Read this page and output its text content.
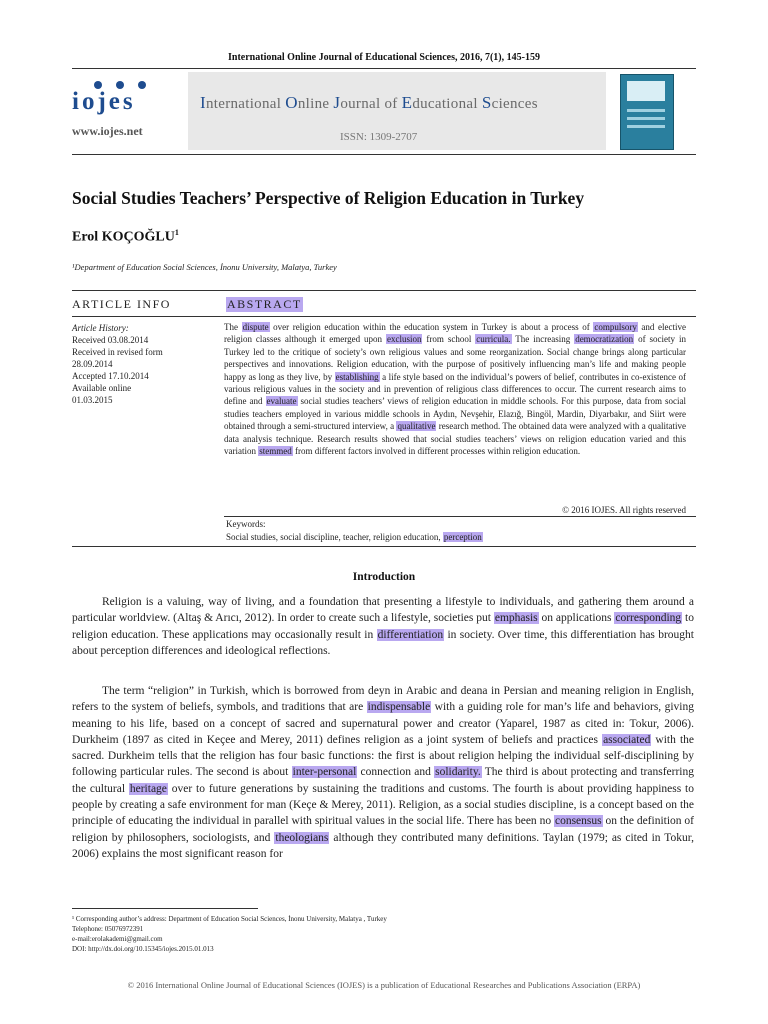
International Online Journal of Educational Sciences, 2016, 7(1), 145-159
iojes
www.iojes.net
International Online Journal of Educational Sciences
ISSN: 1309-2707
Social Studies Teachers’ Perspective of Religion Education in Turkey
Erol KOÇOĞLU$^1$
¹Department of Education Social Sciences, İnonu University, Malatya, Turkey
ARTICLE INFO	ABSTRACT
Article History:
Received 03.08.2014
Received in revised form
28.09.2014
Accepted 17.10.2014
Available online
01.03.2015
The dispute over religion education within the education system in Turkey is about a process of compulsory and elective religion classes although it emerged upon exclusion from school curricula. The increasing democratization of society in Turkey led to the critique of society’s own religious values and some reorganization. Social change brings along particular perspectives and innovations. Religion education, with the purpose of positively influencing man’s life and making people happy as long as they live, by establishing a life style based on the individual’s powers of belief, contributes in co-existence of various religious values in the society and in prevention of religious class differences to occur. The current research aims to define and evaluate social studies teachers’ views of religion education in middle schools. For this purpose, data from social studies teachers employed in various middle schools in Aydın, Nevşehir, Elazığ, Bingöl, Mardin, Diyarbakır, and Siirt were obtained through a semi-structured interview, a qualitative research method. The obtained data were analyzed with a qualitative data analysis technique. Research results showed that social studies teachers’ views on religion education varied and this variation stemmed from different factors involved in different processes within religion education.
© 2016 IOJES. All rights reserved
Keywords:
Social studies, social discipline, teacher, religion education, perception
Introduction

Religion is a valuing, way of living, and a foundation that presenting a lifestyle to individuals, and gathering them around a particular worldview. (Altaş & Arıcı, 2012). In order to create such a lifestyle, societies put emphasis on applications corresponding to religion education. These applications may occasionally result in differentiation in society. Over time, this differentiation has brought about perception differences and ideological reflections.

The term “religion” in Turkish, which is borrowed from deyn in Arabic and deana in Persian and meaning religion in English, refers to the system of beliefs, symbols, and traditions that are indispensable with a guiding role for man’s life and behaviors, giving meaning to his life, based on a concept of sacred and supernatural power and creator (Yaparel, 1987 as cited in: Tokur, 2006). Durkheim (1897 as cited in Keçee and Merey, 2011) defines religion as a joint system of beliefs and practices associated with the sacred. Durkheim tells that the religion has four basic functions: the first is about religion helping the individual self-disciplining by following particular rules. The second is about inter-personal connection and solidarity. The third is about protecting and transferring the cultural heritage over to future generations by sustaining the traditions and customs. The fourth is about providing happiness to people by creating a safe environment for man (Keçe & Merey, 2011). Religion, as a social studies discipline, is a concept based on the principle of educating the individual in parallel with spiritual values in the social life. There has been no consensus on the definition of religion by philosophers, sociologists, and theologians although they contributed many definitions. Taylan (1979; as cited in Tokur, 2006) explains the most significant reason for

¹ Corresponding author’s address: Department of Education Social Sciences, İnonu University, Malatya , Turkey
Telephone: 05076972391
e-mail:erolakademi@gmail.com
DOI: http://dx.doi.org/10.15345/iojes.2015.01.013
© 2016 International Online Journal of Educational Sciences (IOJES) is a publication of Educational Researches and Publications Association (ERPA)
